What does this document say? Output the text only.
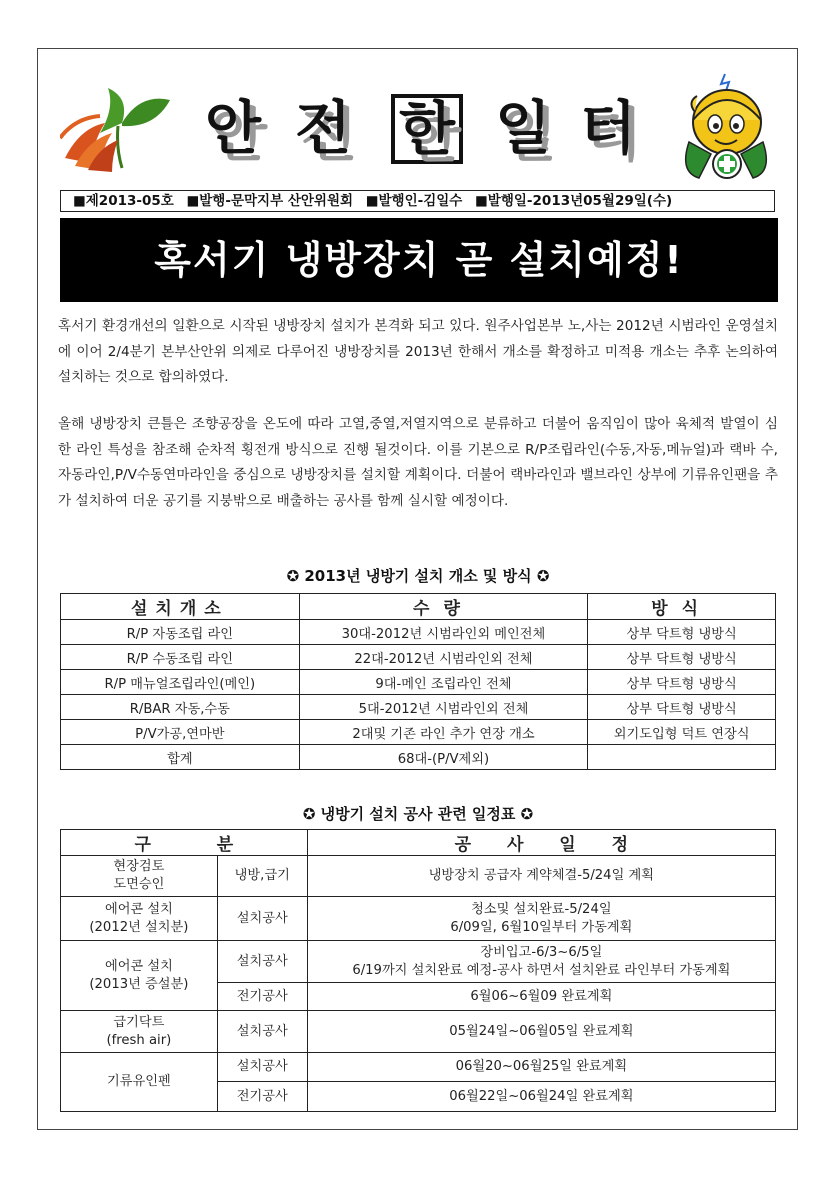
안 전 한 일 터
■제2013-05호 ■발행-문막지부 산안위원회 ■발행인-김일수 ■발행일-2013년05월29일(수)
혹서기 냉방장치 곧 설치예정!
혹서기 환경개선의 일환으로 시작된 냉방장치 설치가 본격화 되고 있다. 원주사업본부 노,사는 2012년 시범라인 운영설치에 이어 2/4분기 본부산안위 의제로 다루어진 냉방장치를 2013년 한해서 개소를 확정하고 미적용 개소는 추후 논의하여 설치하는 것으로 합의하였다.
올해 냉방장치 큰틀은 조향공장을 온도에 따라 고열,중열,저열지역으로 분류하고 더불어 움직임이 많아 육체적 발열이 심한 라인 특성을 참조해 순차적 횡전개 방식으로 진행 될것이다. 이를 기본으로 R/P조립라인(수동,자동,메뉴얼)과 랙바 수,자동라인,P/V수동연마라인을 중심으로 냉방장치를 설치할 계획이다. 더불어 랙바라인과 밸브라인 상부에 기류유인팬을 추가 설치하여 더운 공기를 지붕밖으로 배출하는 공사를 함께 실시할 예정이다.
✪ 2013년 냉방기 설치 개소 및 방식 ✪
설치개소	수량	방식
R/P 자동조립 라인	30대-2012년 시범라인외 메인전체	상부 닥트형 냉방식
R/P 수동조립 라인	22대-2012년 시범라인외 전체	상부 닥트형 냉방식
R/P 매뉴얼조립라인(메인)	9대-메인 조립라인 전체	상부 닥트형 냉방식
R/BAR 자동,수동	5대-2012년 시범라인외 전체	상부 닥트형 냉방식
P/V가공,연마반	2대및 기존 라인 추가 연장 개소	외기도입형 덕트 연장식
합계	68대-(P/V제외)	
✪ 냉방기 설치 공사 관련 일정표 ✪
구 분		공 사 일 정
현장검토
도면승인	냉방,급기	냉방장치 공급자 계약체결-5/24일 계획
에어콘 설치
(2012년 설치분)	설치공사	청소및 설치완료-5/24일
6/09일, 6월10일부터 가동계획
에어콘 설치
(2013년 증설분)	설치공사	장비입고-6/3~6/5일
6/19까지 설치완료 예정-공사 하면서 설치완료 라인부터 가동계획
	전기공사	6월06~6월09 완료계획
급기닥트
(fresh air)	설치공사	05월24일~06월05일 완료계획
기류유인펜	설치공사	06월20~06월25일 완료계획
	전기공사	06월22일~06월24일 완료계획
